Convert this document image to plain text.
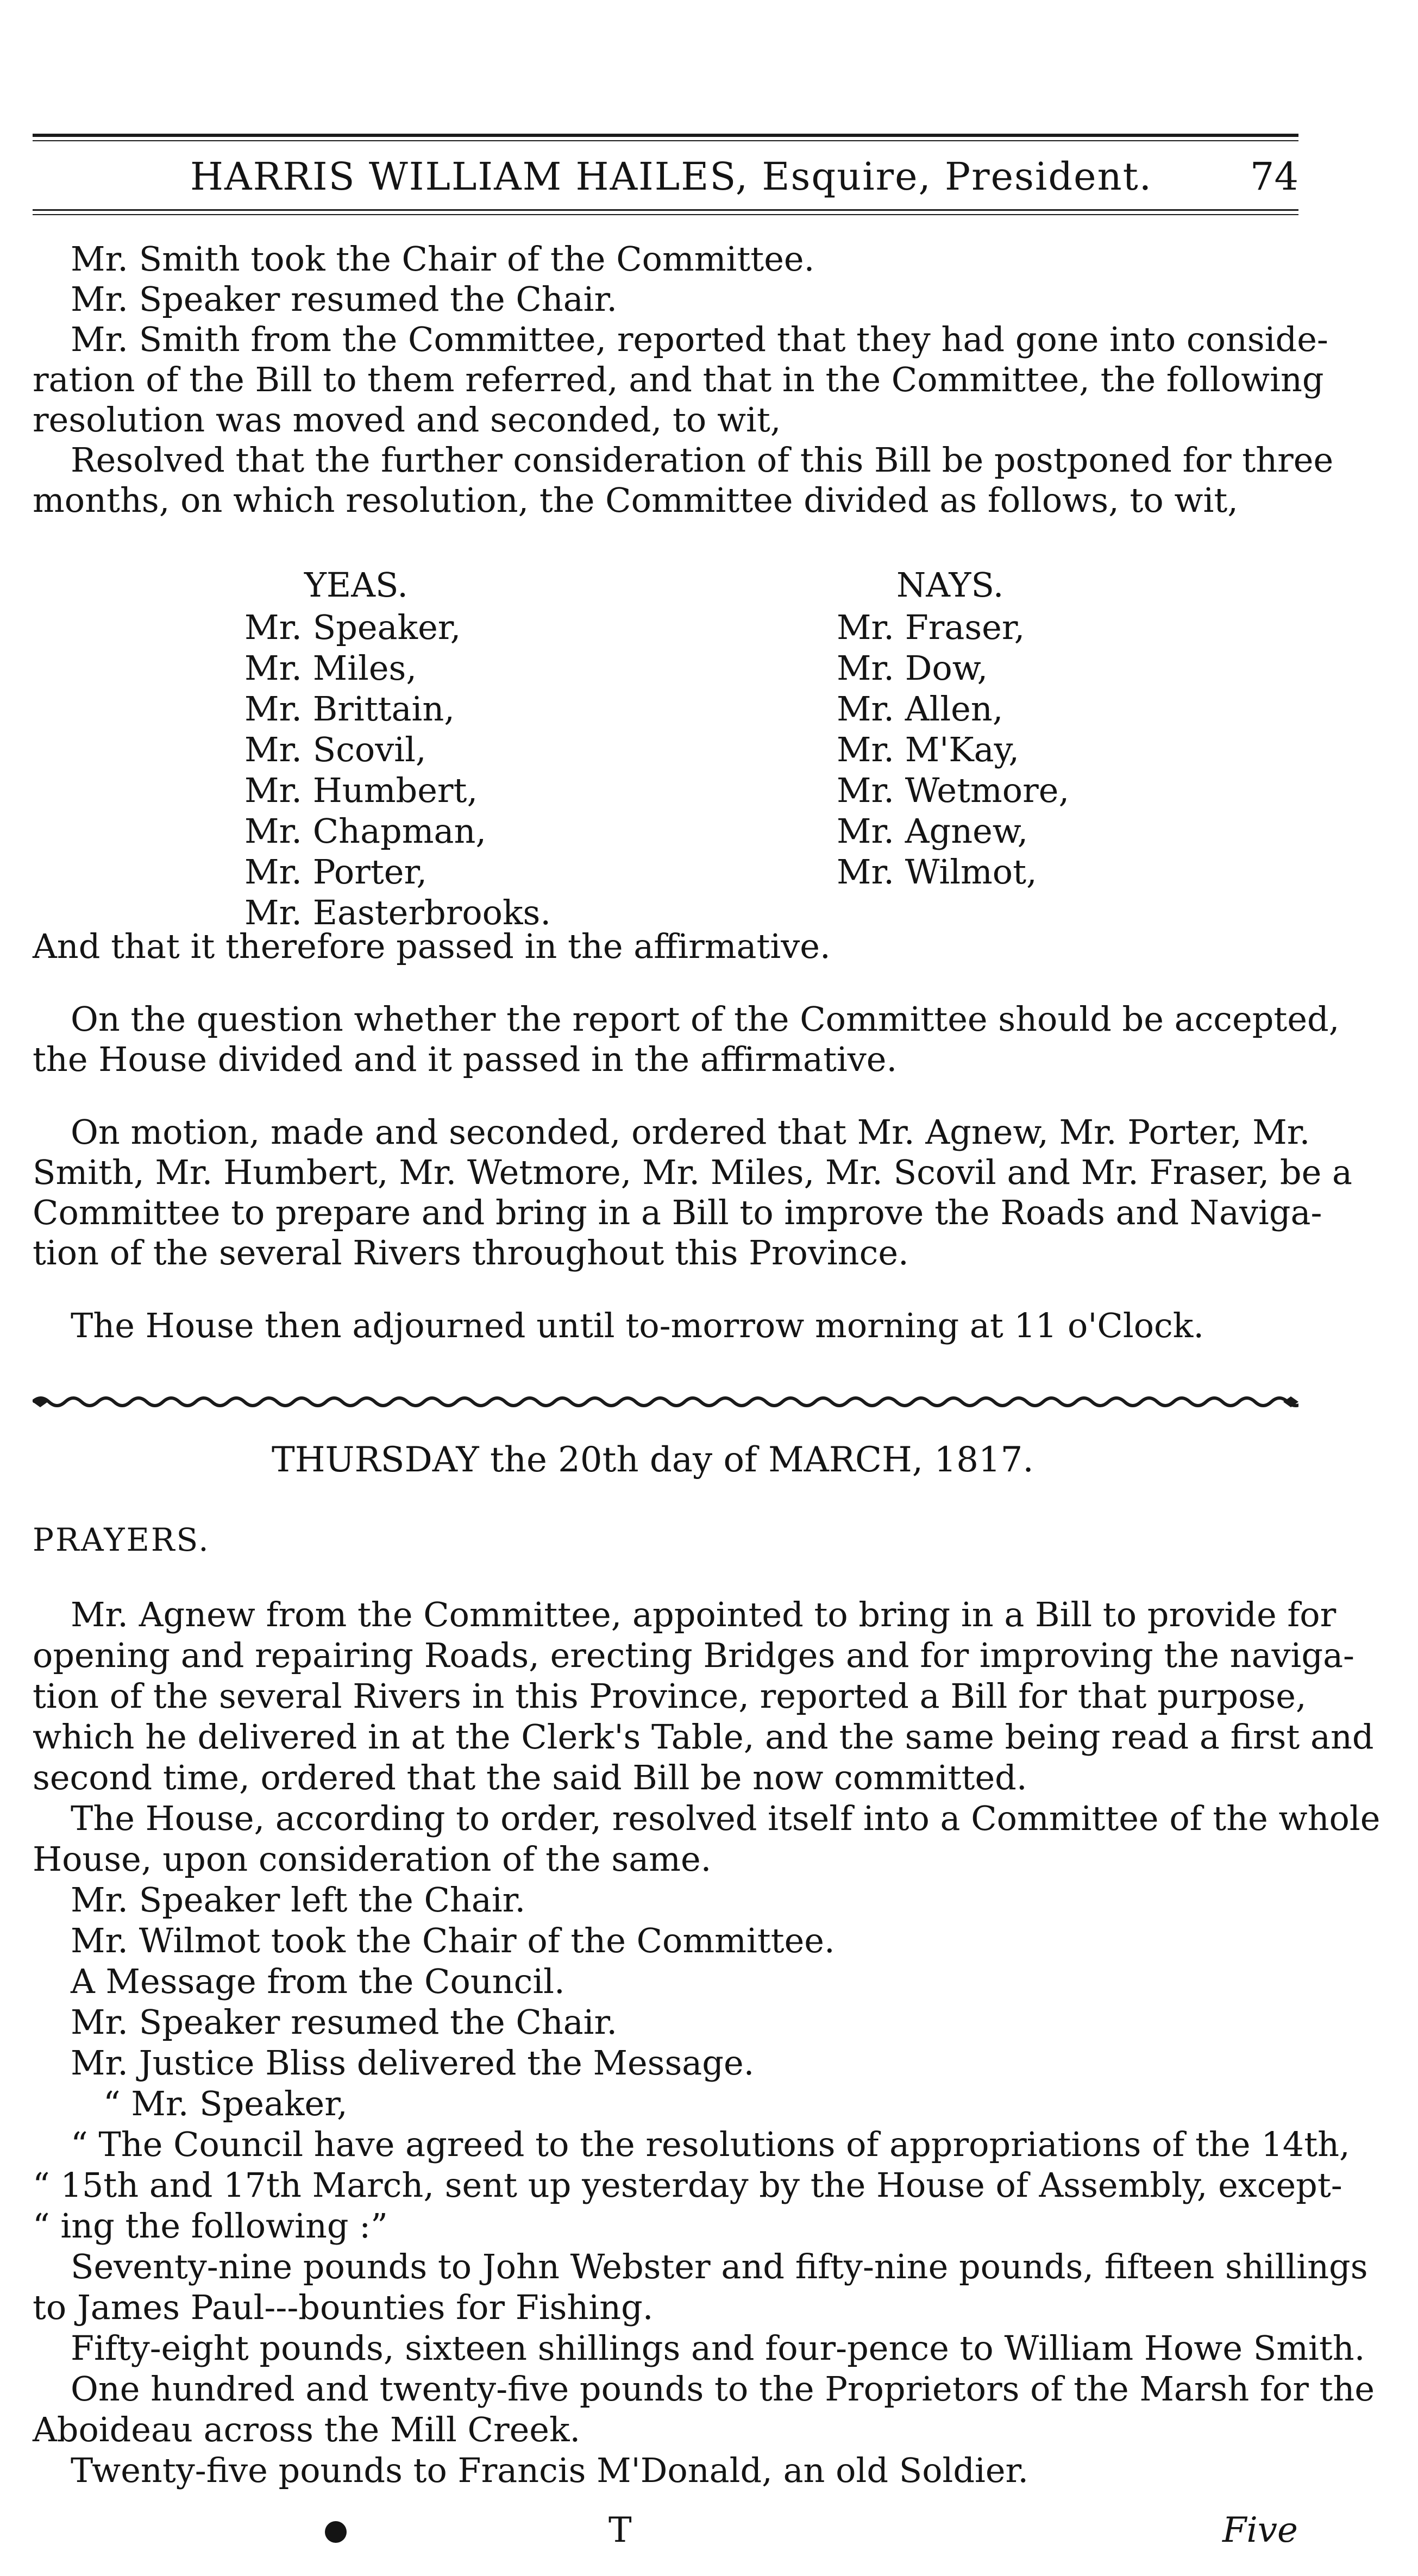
HARRIS WILLIAM HAILES, Esquire, President.	74
Mr. Smith took the Chair of the Committee.
Mr. Speaker resumed the Chair.
Mr. Smith from the Committee, reported that they had gone into conside-
ration of the Bill to them referred, and that in the Committee, the following
resolution was moved and seconded, to wit,
Resolved that the further consideration of this Bill be postponed for three
months, on which resolution, the Committee divided as follows, to wit,
YEAS.
Mr. Speaker,
Mr. Miles,
Mr. Brittain,
Mr. Scovil,
Mr. Humbert,
Mr. Chapman,
Mr. Porter,
Mr. Easterbrooks.
NAYS.
Mr. Fraser,
Mr. Dow,
Mr. Allen,
Mr. M'Kay,
Mr. Wetmore,
Mr. Agnew,
Mr. Wilmot,
And that it therefore passed in the affirmative.
On the question whether the report of the Committee should be accepted,
the House divided and it passed in the affirmative.
On motion, made and seconded, ordered that Mr. Agnew, Mr. Porter, Mr.
Smith, Mr. Humbert, Mr. Wetmore, Mr. Miles, Mr. Scovil and Mr. Fraser, be a
Committee to prepare and bring in a Bill to improve the Roads and Naviga-
tion of the several Rivers throughout this Province.
The House then adjourned until to-morrow morning at 11 o'Clock.
THURSDAY the 20th day of MARCH, 1817.
PRAYERS.
Mr. Agnew from the Committee, appointed to bring in a Bill to provide for
opening and repairing Roads, erecting Bridges and for improving the naviga-
tion of the several Rivers in this Province, reported a Bill for that purpose,
which he delivered in at the Clerk's Table, and the same being read a first and
second time, ordered that the said Bill be now committed.
The House, according to order, resolved itself into a Committee of the whole
House, upon consideration of the same.
Mr. Speaker left the Chair.
Mr. Wilmot took the Chair of the Committee.
A Message from the Council.
Mr. Speaker resumed the Chair.
Mr. Justice Bliss delivered the Message.
“ Mr. Speaker,
“ The Council have agreed to the resolutions of appropriations of the 14th,
“ 15th and 17th March, sent up yesterday by the House of Assembly, except-
“ ing the following :”
Seventy-nine pounds to John Webster and fifty-nine pounds, fifteen shillings
to James Paul---bounties for Fishing.
Fifty-eight pounds, sixteen shillings and four-pence to William Howe Smith.
One hundred and twenty-five pounds to the Proprietors of the Marsh for the
Aboideau across the Mill Creek.
Twenty-five pounds to Francis M'Donald, an old Soldier.
T	Five
